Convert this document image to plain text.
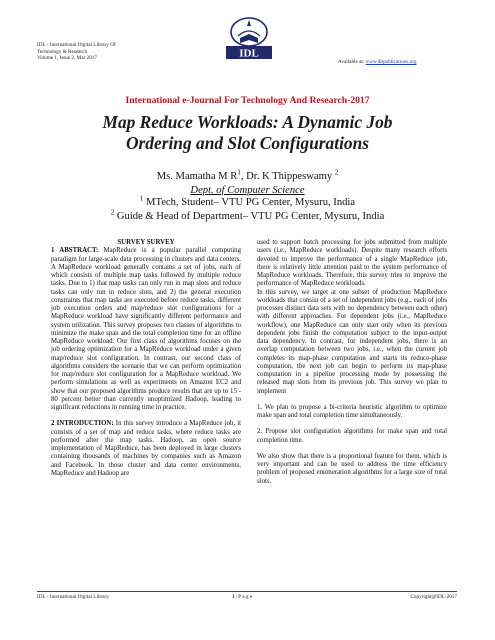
IDL - International Digital Library Of
Technology & Research
Volume 1, Issue 2, Mar 2017	IDL
Available at: www.dbpublications.org
International e-Journal For Technology And Research-2017
Map Reduce Workloads: A Dynamic Job
Ordering and Slot Configurations
Ms. Mamatha M $R^1$, Dr. K Thippeswamy $^2$
Dept. of Computer Science
$^1$ MTech, Student– VTU PG Center, Mysuru, India
$^2$ Guide & Head of Department– VTU PG Center, Mysuru, India

SURVEY SURVEY

1 ABSTRACT: MapReduce is a popular parallel computing paradigm for large-scale data processing in clusters and data centers. A MapReduce workload generally contains a set of jobs, each of which consists of multiple map tasks followed by multiple reduce tasks. Due to 1) that map tasks can only run in map slots and reduce tasks can only run in reduce slots, and 2) the general execution constraints that map tasks are executed before reduce tasks, different job execution orders and map/reduce slot configurations for a MapReduce workload have significantly different performance and system utilization. This survey proposes two classes of algorithms to minimize the make span and the total completion time for an offline MapReduce workload. Our first class of algorithms focuses on the job ordering optimization for a MapReduce workload under a given map/reduce slot configuration. In contrast, our second class of algorithms considers the scenario that we can perform optimization for map/reduce slot configuration for a MapReduce workload. We perform simulations as well as experiments on Amazon EC2 and show that our proposed algorithms produce results that are up to 15 - 80 percent better than currently unoptimized Hadoop, leading to significant reductions in running time in practice.

2 INTRODUCTION: In this survey introduce a MapReduce job, it consists of a set of map and reduce tasks, where reduce tasks are performed after the map tasks. Hadoop, an open source implementation of MapReduce, has been deployed in large clusters containing thousands of machines by companies such as Amazon and Facebook. In those cluster and data center environments, MapReduce and Hadoop are

used to support batch processing for jobs submitted from multiple users (i.e., MapReduce workloads). Despite many research efforts devoted to improve the performance of a single MapReduce job, there is relatively little attention paid to the system performance of MapReduce workloads. Therefore, this survey tries to improve the performance of MapReduce workloads.

In this survey, we target at one subset of production MapReduce workloads that consist of a set of independent jobs (e.g., each of jobs processes distinct data sets with no dependency between each other) with different approaches. For dependent jobs (i.e., MapReduce workflow), one MapReduce can only start only when its previous dependent jobs finish the computation subject to the input-output data dependency. In contrast, for independent jobs, there is an overlap computation between two jobs, i.e., when the current job completes its map-phase computation and starts its reduce-phase computation, the next job can begin to perform its map-phase computation in a pipeline processing mode by possessing the released map slots from its previous job. This survey we plan to implement

1. We plan to propose a bi-criteria heuristic algorithm to optimize make span and total completion time simultaneously.

2. Propose slot configuration algorithms for make span and total completion time.

We also show that there is a proportional feature for them, which is very important and can be used to address the time efficiency problem of proposed enumeration algorithms for a large size of total slots.

IDL - International Digital Library	1 | P a g e	Copyright@IDL-2017
